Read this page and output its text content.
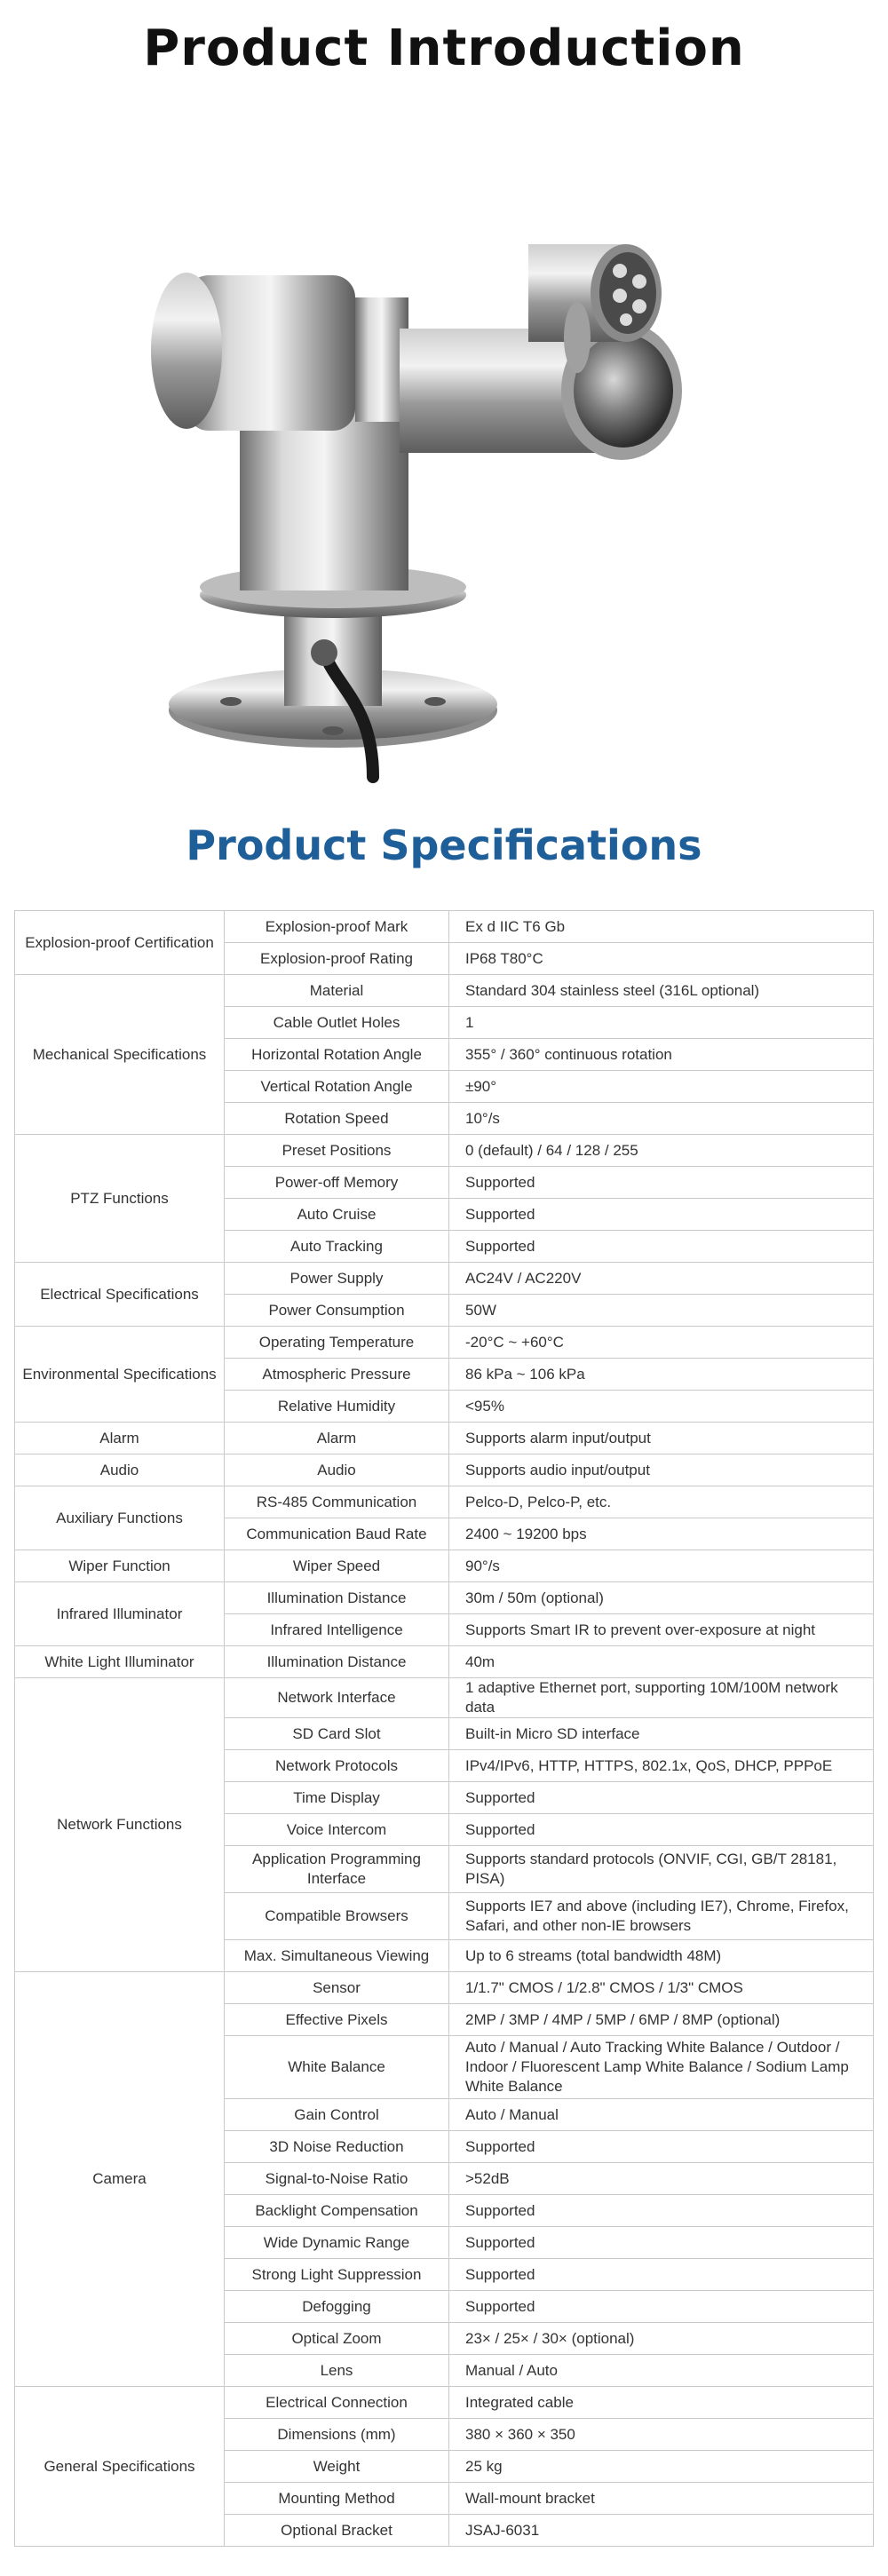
Product Introduction
Product Specifications
Explosion-proof Certification	Explosion-proof Mark	Ex d IIC T6 Gb
	Explosion-proof Rating	IP68 T80°C
Mechanical Specifications	Material	Standard 304 stainless steel (316L optional)
	Cable Outlet Holes	1
	Horizontal Rotation Angle	355° / 360° continuous rotation
	Vertical Rotation Angle	±90°
	Rotation Speed	10°/s
PTZ Functions	Preset Positions	0 (default) / 64 / 128 / 255
	Power-off Memory	Supported
	Auto Cruise	Supported
	Auto Tracking	Supported
Electrical Specifications	Power Supply	AC24V / AC220V
	Power Consumption	50W
Environmental Specifications	Operating Temperature	-20°C ~ +60°C
	Atmospheric Pressure	86 kPa ~ 106 kPa
	Relative Humidity	<95%
Alarm	Alarm	Supports alarm input/output
Audio	Audio	Supports audio input/output
Auxiliary Functions	RS-485 Communication	Pelco-D, Pelco-P, etc.
	Communication Baud Rate	2400 ~ 19200 bps
Wiper Function	Wiper Speed	90°/s
Infrared Illuminator	Illumination Distance	30m / 50m (optional)
	Infrared Intelligence	Supports Smart IR to prevent over-exposure at night
White Light Illuminator	Illumination Distance	40m
Network Functions	Network Interface	1 adaptive Ethernet port, supporting 10M/100M network data
	SD Card Slot	Built-in Micro SD interface
	Network Protocols	IPv4/IPv6, HTTP, HTTPS, 802.1x, QoS, DHCP, PPPoE
	Time Display	Supported
	Voice Intercom	Supported
	Application Programming Interface	Supports standard protocols (ONVIF, CGI, GB/T 28181, PISA)
	Compatible Browsers	Supports IE7 and above (including IE7), Chrome, Firefox, Safari, and other non-IE browsers
	Max. Simultaneous Viewing	Up to 6 streams (total bandwidth 48M)
Camera	Sensor	1/1.7" CMOS / 1/2.8" CMOS / 1/3" CMOS
	Effective Pixels	2MP / 3MP / 4MP / 5MP / 6MP / 8MP (optional)
	White Balance	Auto / Manual / Auto Tracking White Balance / Outdoor / Indoor / Fluorescent Lamp White Balance / Sodium Lamp White Balance
	Gain Control	Auto / Manual
	3D Noise Reduction	Supported
	Signal-to-Noise Ratio	>52dB
	Backlight Compensation	Supported
	Wide Dynamic Range	Supported
	Strong Light Suppression	Supported
	Defogging	Supported
	Optical Zoom	23× / 25× / 30× (optional)
	Lens	Manual / Auto
General Specifications	Electrical Connection	Integrated cable
	Dimensions (mm)	380 × 360 × 350
	Weight	25 kg
	Mounting Method	Wall-mount bracket
	Optional Bracket	JSAJ-6031
